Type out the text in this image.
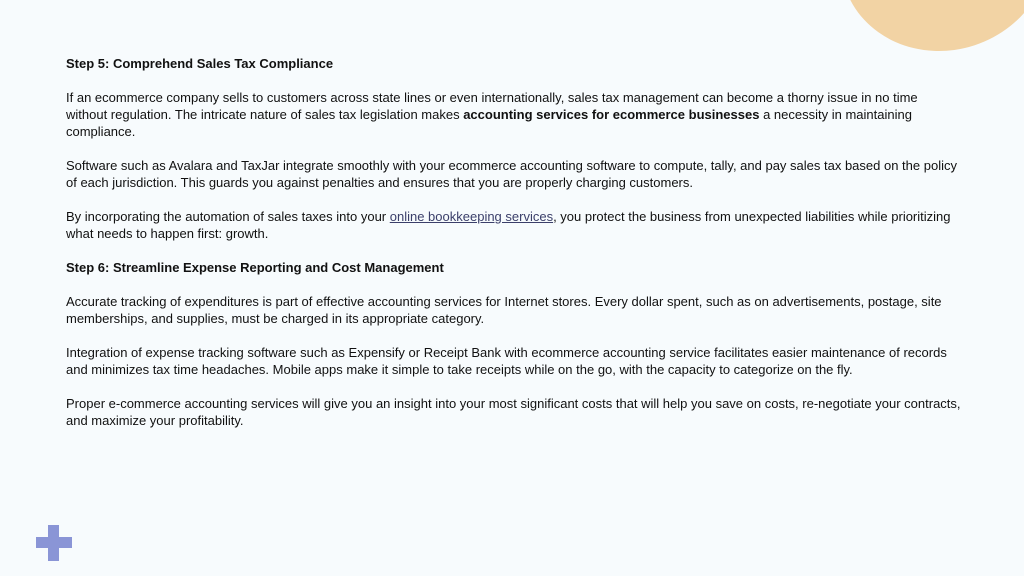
Step 5: Comprehend Sales Tax Compliance
If an ecommerce company sells to customers across state lines or even internationally, sales tax management can become a thorny issue in no time without regulation. The intricate nature of sales tax legislation makes accounting services for ecommerce businesses a necessity in maintaining compliance.
Software such as Avalara and TaxJar integrate smoothly with your ecommerce accounting software to compute, tally, and pay sales tax based on the policy of each jurisdiction. This guards you against penalties and ensures that you are properly charging customers.
By incorporating the automation of sales taxes into your online bookkeeping services, you protect the business from unexpected liabilities while prioritizing what needs to happen first: growth.
Step 6: Streamline Expense Reporting and Cost Management
Accurate tracking of expenditures is part of effective accounting services for Internet stores. Every dollar spent, such as on advertisements, postage, site memberships, and supplies, must be charged in its appropriate category.
Integration of expense tracking software such as Expensify or Receipt Bank with ecommerce accounting service facilitates easier maintenance of records and minimizes tax time headaches. Mobile apps make it simple to take receipts while on the go, with the capacity to categorize on the fly.
Proper e-commerce accounting services will give you an insight into your most significant costs that will help you save on costs, re-negotiate your contracts, and maximize your profitability.
